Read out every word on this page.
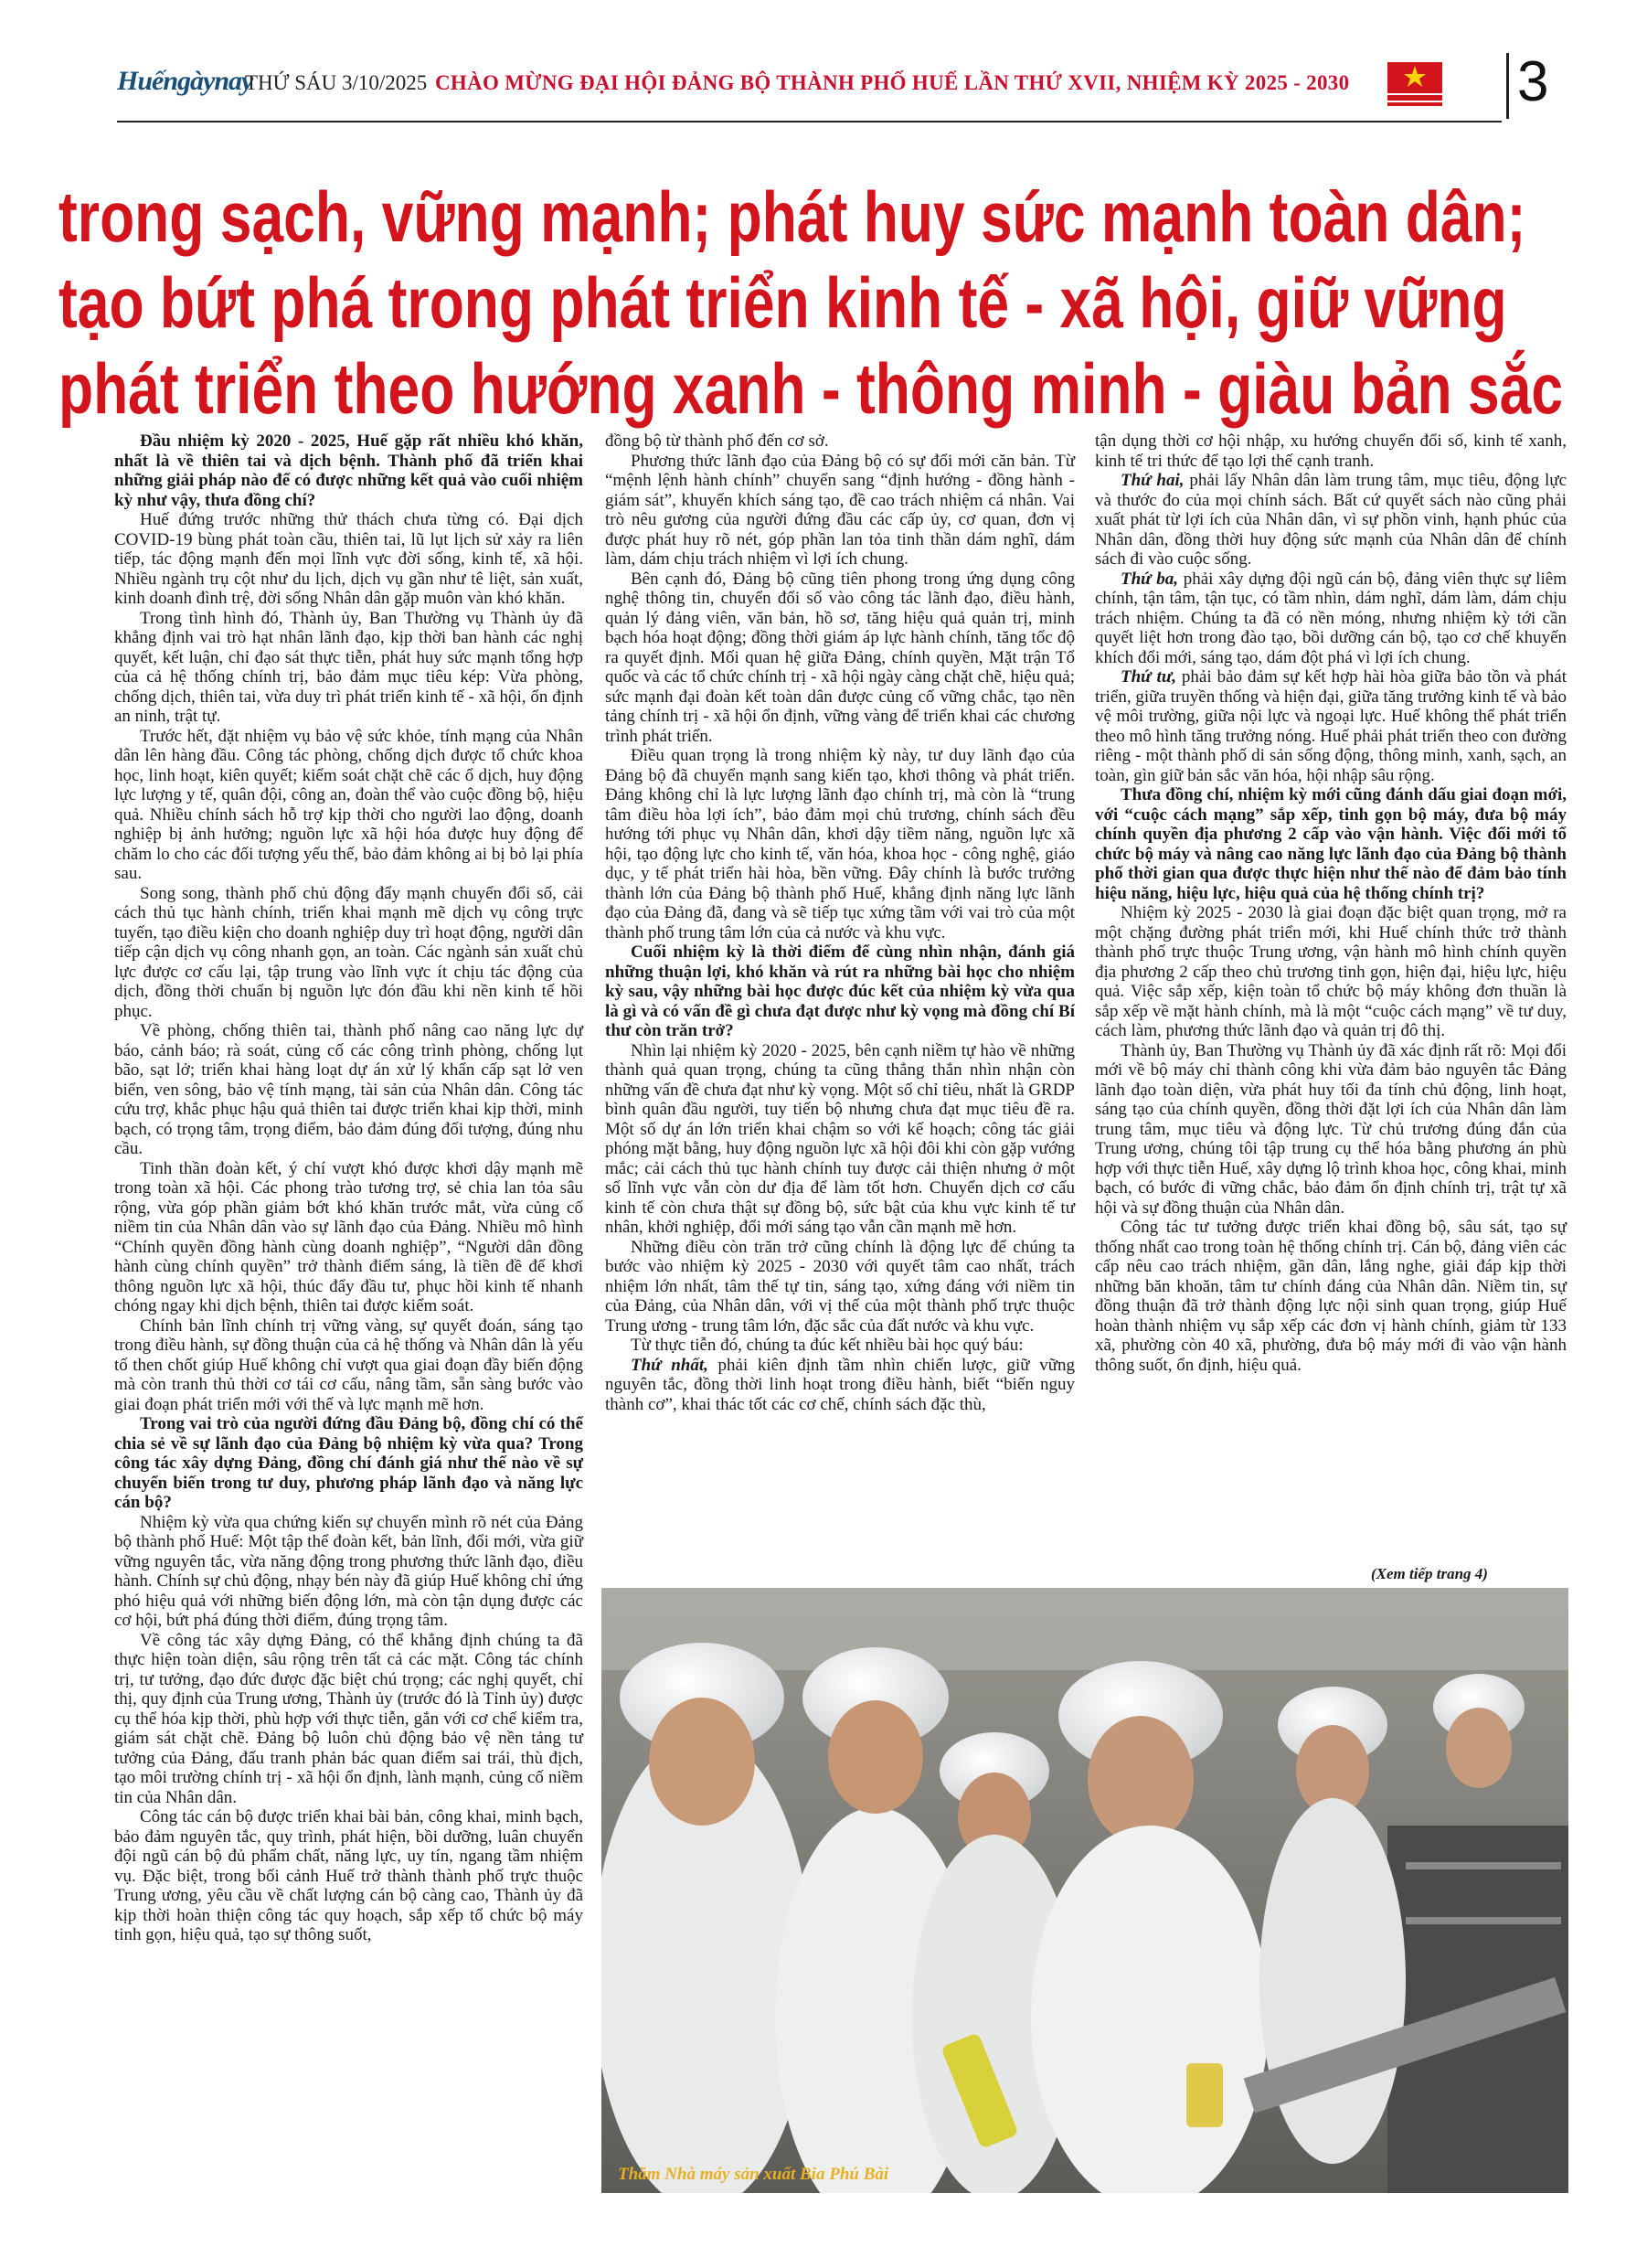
Huếngàynay
THỨ SÁU 3/10/2025 CHÀO MỪNG ĐẠI HỘI ĐẢNG BỘ THÀNH PHỐ HUẾ LẦN THỨ XVII, NHIỆM KỲ 2025 - 2030	3
trong sạch, vững mạnh; phát huy sức mạnh toàn dân;
tạo bứt phá trong phát triển kinh tế - xã hội, giữ vững
phát triển theo hướng xanh - thông minh - giàu bản sắc

Đầu nhiệm kỳ 2020 - 2025, Huế gặp rất nhiều khó khăn, nhất là về thiên tai và dịch bệnh. Thành phố đã triển khai những giải pháp nào để có được những kết quả vào cuối nhiệm kỳ như vậy, thưa đồng chí?

Huế đứng trước những thử thách chưa từng có. Đại dịch COVID-19 bùng phát toàn cầu, thiên tai, lũ lụt lịch sử xảy ra liên tiếp, tác động mạnh đến mọi lĩnh vực đời sống, kinh tế, xã hội. Nhiều ngành trụ cột như du lịch, dịch vụ gần như tê liệt, sản xuất, kinh doanh đình trệ, đời sống Nhân dân gặp muôn vàn khó khăn.

Trong tình hình đó, Thành ủy, Ban Thường vụ Thành ủy đã khẳng định vai trò hạt nhân lãnh đạo, kịp thời ban hành các nghị quyết, kết luận, chỉ đạo sát thực tiễn, phát huy sức mạnh tổng hợp của cả hệ thống chính trị, bảo đảm mục tiêu kép: Vừa phòng, chống dịch, thiên tai, vừa duy trì phát triển kinh tế - xã hội, ổn định an ninh, trật tự.

Trước hết, đặt nhiệm vụ bảo vệ sức khỏe, tính mạng của Nhân dân lên hàng đầu. Công tác phòng, chống dịch được tổ chức khoa học, linh hoạt, kiên quyết; kiểm soát chặt chẽ các ổ dịch, huy động lực lượng y tế, quân đội, công an, đoàn thể vào cuộc đồng bộ, hiệu quả. Nhiều chính sách hỗ trợ kịp thời cho người lao động, doanh nghiệp bị ảnh hưởng; nguồn lực xã hội hóa được huy động để chăm lo cho các đối tượng yếu thế, bảo đảm không ai bị bỏ lại phía sau.

Song song, thành phố chủ động đẩy mạnh chuyển đổi số, cải cách thủ tục hành chính, triển khai mạnh mẽ dịch vụ công trực tuyến, tạo điều kiện cho doanh nghiệp duy trì hoạt động, người dân tiếp cận dịch vụ công nhanh gọn, an toàn. Các ngành sản xuất chủ lực được cơ cấu lại, tập trung vào lĩnh vực ít chịu tác động của dịch, đồng thời chuẩn bị nguồn lực đón đầu khi nền kinh tế hồi phục.

Về phòng, chống thiên tai, thành phố nâng cao năng lực dự báo, cảnh báo; rà soát, củng cố các công trình phòng, chống lụt bão, sạt lở; triển khai hàng loạt dự án xử lý khẩn cấp sạt lở ven biển, ven sông, bảo vệ tính mạng, tài sản của Nhân dân. Công tác cứu trợ, khắc phục hậu quả thiên tai được triển khai kịp thời, minh bạch, có trọng tâm, trọng điểm, bảo đảm đúng đối tượng, đúng nhu cầu.

Tinh thần đoàn kết, ý chí vượt khó được khơi dậy mạnh mẽ trong toàn xã hội. Các phong trào tương trợ, sẻ chia lan tỏa sâu rộng, vừa góp phần giảm bớt khó khăn trước mắt, vừa củng cố niềm tin của Nhân dân vào sự lãnh đạo của Đảng. Nhiều mô hình “Chính quyền đồng hành cùng doanh nghiệp”, “Người dân đồng hành cùng chính quyền” trở thành điểm sáng, là tiền đề để khơi thông nguồn lực xã hội, thúc đẩy đầu tư, phục hồi kinh tế nhanh chóng ngay khi dịch bệnh, thiên tai được kiểm soát.

Chính bản lĩnh chính trị vững vàng, sự quyết đoán, sáng tạo trong điều hành, sự đồng thuận của cả hệ thống và Nhân dân là yếu tố then chốt giúp Huế không chỉ vượt qua giai đoạn đầy biến động mà còn tranh thủ thời cơ tái cơ cấu, nâng tầm, sẵn sàng bước vào giai đoạn phát triển mới với thế và lực mạnh mẽ hơn.

Trong vai trò của người đứng đầu Đảng bộ, đồng chí có thể chia sẻ về sự lãnh đạo của Đảng bộ nhiệm kỳ vừa qua? Trong công tác xây dựng Đảng, đồng chí đánh giá như thế nào về sự chuyển biến trong tư duy, phương pháp lãnh đạo và năng lực cán bộ?

Nhiệm kỳ vừa qua chứng kiến sự chuyển mình rõ nét của Đảng bộ thành phố Huế: Một tập thể đoàn kết, bản lĩnh, đổi mới, vừa giữ vững nguyên tắc, vừa năng động trong phương thức lãnh đạo, điều hành. Chính sự chủ động, nhạy bén này đã giúp Huế không chỉ ứng phó hiệu quả với những biến động lớn, mà còn tận dụng được các cơ hội, bứt phá đúng thời điểm, đúng trọng tâm.

Về công tác xây dựng Đảng, có thể khẳng định chúng ta đã thực hiện toàn diện, sâu rộng trên tất cả các mặt. Công tác chính trị, tư tưởng, đạo đức được đặc biệt chú trọng; các nghị quyết, chỉ thị, quy định của Trung ương, Thành ủy (trước đó là Tỉnh ủy) được cụ thể hóa kịp thời, phù hợp với thực tiễn, gắn với cơ chế kiểm tra, giám sát chặt chẽ. Đảng bộ luôn chủ động bảo vệ nền tảng tư tưởng của Đảng, đấu tranh phản bác quan điểm sai trái, thù địch, tạo môi trường chính trị - xã hội ổn định, lành mạnh, củng cố niềm tin của Nhân dân.

Công tác cán bộ được triển khai bài bản, công khai, minh bạch, bảo đảm nguyên tắc, quy trình, phát hiện, bồi dưỡng, luân chuyển đội ngũ cán bộ đủ phẩm chất, năng lực, uy tín, ngang tầm nhiệm vụ. Đặc biệt, trong bối cảnh Huế trở thành thành phố trực thuộc Trung ương, yêu cầu về chất lượng cán bộ càng cao, Thành ủy đã kịp thời hoàn thiện công tác quy hoạch, sắp xếp tổ chức bộ máy tinh gọn, hiệu quả, tạo sự thông suốt,

đồng bộ từ thành phố đến cơ sở.

Phương thức lãnh đạo của Đảng bộ có sự đổi mới căn bản. Từ “mệnh lệnh hành chính” chuyển sang “định hướng - đồng hành - giám sát”, khuyến khích sáng tạo, đề cao trách nhiệm cá nhân. Vai trò nêu gương của người đứng đầu các cấp ủy, cơ quan, đơn vị được phát huy rõ nét, góp phần lan tỏa tinh thần dám nghĩ, dám làm, dám chịu trách nhiệm vì lợi ích chung.

Bên cạnh đó, Đảng bộ cũng tiên phong trong ứng dụng công nghệ thông tin, chuyển đổi số vào công tác lãnh đạo, điều hành, quản lý đảng viên, văn bản, hồ sơ, tăng hiệu quả quản trị, minh bạch hóa hoạt động; đồng thời giám áp lực hành chính, tăng tốc độ ra quyết định. Mối quan hệ giữa Đảng, chính quyền, Mặt trận Tổ quốc và các tổ chức chính trị - xã hội ngày càng chặt chẽ, hiệu quả; sức mạnh đại đoàn kết toàn dân được củng cố vững chắc, tạo nền tảng chính trị - xã hội ổn định, vững vàng để triển khai các chương trình phát triển.

Điều quan trọng là trong nhiệm kỳ này, tư duy lãnh đạo của Đảng bộ đã chuyển mạnh sang kiến tạo, khơi thông và phát triển. Đảng không chỉ là lực lượng lãnh đạo chính trị, mà còn là “trung tâm điều hòa lợi ích”, bảo đảm mọi chủ trương, chính sách đều hướng tới phục vụ Nhân dân, khơi dậy tiềm năng, nguồn lực xã hội, tạo động lực cho kinh tế, văn hóa, khoa học - công nghệ, giáo dục, y tế phát triển hài hòa, bền vững. Đây chính là bước trưởng thành lớn của Đảng bộ thành phố Huế, khẳng định năng lực lãnh đạo của Đảng đã, đang và sẽ tiếp tục xứng tầm với vai trò của một thành phố trung tâm lớn của cả nước và khu vực.

Cuối nhiệm kỳ là thời điểm để cùng nhìn nhận, đánh giá những thuận lợi, khó khăn và rút ra những bài học cho nhiệm kỳ sau, vậy những bài học được đúc kết của nhiệm kỳ vừa qua là gì và có vấn đề gì chưa đạt được như kỳ vọng mà đồng chí Bí thư còn trăn trở?

Nhìn lại nhiệm kỳ 2020 - 2025, bên cạnh niềm tự hào về những thành quả quan trọng, chúng ta cũng thẳng thắn nhìn nhận còn những vấn đề chưa đạt như kỳ vọng. Một số chỉ tiêu, nhất là GRDP bình quân đầu người, tuy tiến bộ nhưng chưa đạt mục tiêu đề ra. Một số dự án lớn triển khai chậm so với kế hoạch; công tác giải phóng mặt bằng, huy động nguồn lực xã hội đôi khi còn gặp vướng mắc; cải cách thủ tục hành chính tuy được cải thiện nhưng ở một số lĩnh vực vẫn còn dư địa để làm tốt hơn. Chuyển dịch cơ cấu kinh tế còn chưa thật sự đồng bộ, sức bật của khu vực kinh tế tư nhân, khởi nghiệp, đổi mới sáng tạo vẫn cần mạnh mẽ hơn.

Những điều còn trăn trở cũng chính là động lực để chúng ta bước vào nhiệm kỳ 2025 - 2030 với quyết tâm cao nhất, trách nhiệm lớn nhất, tâm thế tự tin, sáng tạo, xứng đáng với niềm tin của Đảng, của Nhân dân, với vị thế của một thành phố trực thuộc Trung ương - trung tâm lớn, đặc sắc của đất nước và khu vực.

Từ thực tiễn đó, chúng ta đúc kết nhiều bài học quý báu:

Thứ nhất, phải kiên định tầm nhìn chiến lược, giữ vững nguyên tắc, đồng thời linh hoạt trong điều hành, biết “biến nguy thành cơ”, khai thác tốt các cơ chế, chính sách đặc thù,

tận dụng thời cơ hội nhập, xu hướng chuyển đổi số, kinh tế xanh, kinh tế tri thức để tạo lợi thế cạnh tranh.

Thứ hai, phải lấy Nhân dân làm trung tâm, mục tiêu, động lực và thước đo của mọi chính sách. Bất cứ quyết sách nào cũng phải xuất phát từ lợi ích của Nhân dân, vì sự phồn vinh, hạnh phúc của Nhân dân, đồng thời huy động sức mạnh của Nhân dân để chính sách đi vào cuộc sống.

Thứ ba, phải xây dựng đội ngũ cán bộ, đảng viên thực sự liêm chính, tận tâm, tận tục, có tầm nhìn, dám nghĩ, dám làm, dám chịu trách nhiệm. Chúng ta đã có nền móng, nhưng nhiệm kỳ tới cần quyết liệt hơn trong đào tạo, bồi dưỡng cán bộ, tạo cơ chế khuyến khích đổi mới, sáng tạo, dám đột phá vì lợi ích chung.

Thứ tư, phải bảo đảm sự kết hợp hài hòa giữa bảo tồn và phát triển, giữa truyền thống và hiện đại, giữa tăng trưởng kinh tế và bảo vệ môi trường, giữa nội lực và ngoại lực. Huế không thể phát triển theo mô hình tăng trưởng nóng. Huế phải phát triển theo con đường riêng - một thành phố di sản sống động, thông minh, xanh, sạch, an toàn, gìn giữ bản sắc văn hóa, hội nhập sâu rộng.

Thưa đồng chí, nhiệm kỳ mới cũng đánh dấu giai đoạn mới, với “cuộc cách mạng” sắp xếp, tinh gọn bộ máy, đưa bộ máy chính quyền địa phương 2 cấp vào vận hành. Việc đổi mới tổ chức bộ máy và nâng cao năng lực lãnh đạo của Đảng bộ thành phố thời gian qua được thực hiện như thế nào để đảm bảo tính hiệu năng, hiệu lực, hiệu quả của hệ thống chính trị?

Nhiệm kỳ 2025 - 2030 là giai đoạn đặc biệt quan trọng, mở ra một chặng đường phát triển mới, khi Huế chính thức trở thành thành phố trực thuộc Trung ương, vận hành mô hình chính quyền địa phương 2 cấp theo chủ trương tinh gọn, hiện đại, hiệu lực, hiệu quả. Việc sắp xếp, kiện toàn tổ chức bộ máy không đơn thuần là sắp xếp về mặt hành chính, mà là một “cuộc cách mạng” về tư duy, cách làm, phương thức lãnh đạo và quản trị đô thị.

Thành ủy, Ban Thường vụ Thành ủy đã xác định rất rõ: Mọi đổi mới về bộ máy chỉ thành công khi vừa đảm bảo nguyên tắc Đảng lãnh đạo toàn diện, vừa phát huy tối đa tính chủ động, linh hoạt, sáng tạo của chính quyền, đồng thời đặt lợi ích của Nhân dân làm trung tâm, mục tiêu và động lực. Từ chủ trương đúng đắn của Trung ương, chúng tôi tập trung cụ thể hóa bằng phương án phù hợp với thực tiễn Huế, xây dựng lộ trình khoa học, công khai, minh bạch, có bước đi vững chắc, bảo đảm ổn định chính trị, trật tự xã hội và sự đồng thuận của Nhân dân.

Công tác tư tưởng được triển khai đồng bộ, sâu sát, tạo sự thống nhất cao trong toàn hệ thống chính trị. Cán bộ, đảng viên các cấp nêu cao trách nhiệm, gần dân, lắng nghe, giải đáp kịp thời những băn khoăn, tâm tư chính đáng của Nhân dân. Niềm tin, sự đồng thuận đã trở thành động lực nội sinh quan trọng, giúp Huế hoàn thành nhiệm vụ sắp xếp các đơn vị hành chính, giảm từ 133 xã, phường còn 40 xã, phường, đưa bộ máy mới đi vào vận hành thông suốt, ổn định, hiệu quả.

(Xem tiếp trang 4)
Thăm Nhà máy sản xuất Bia Phú Bài
